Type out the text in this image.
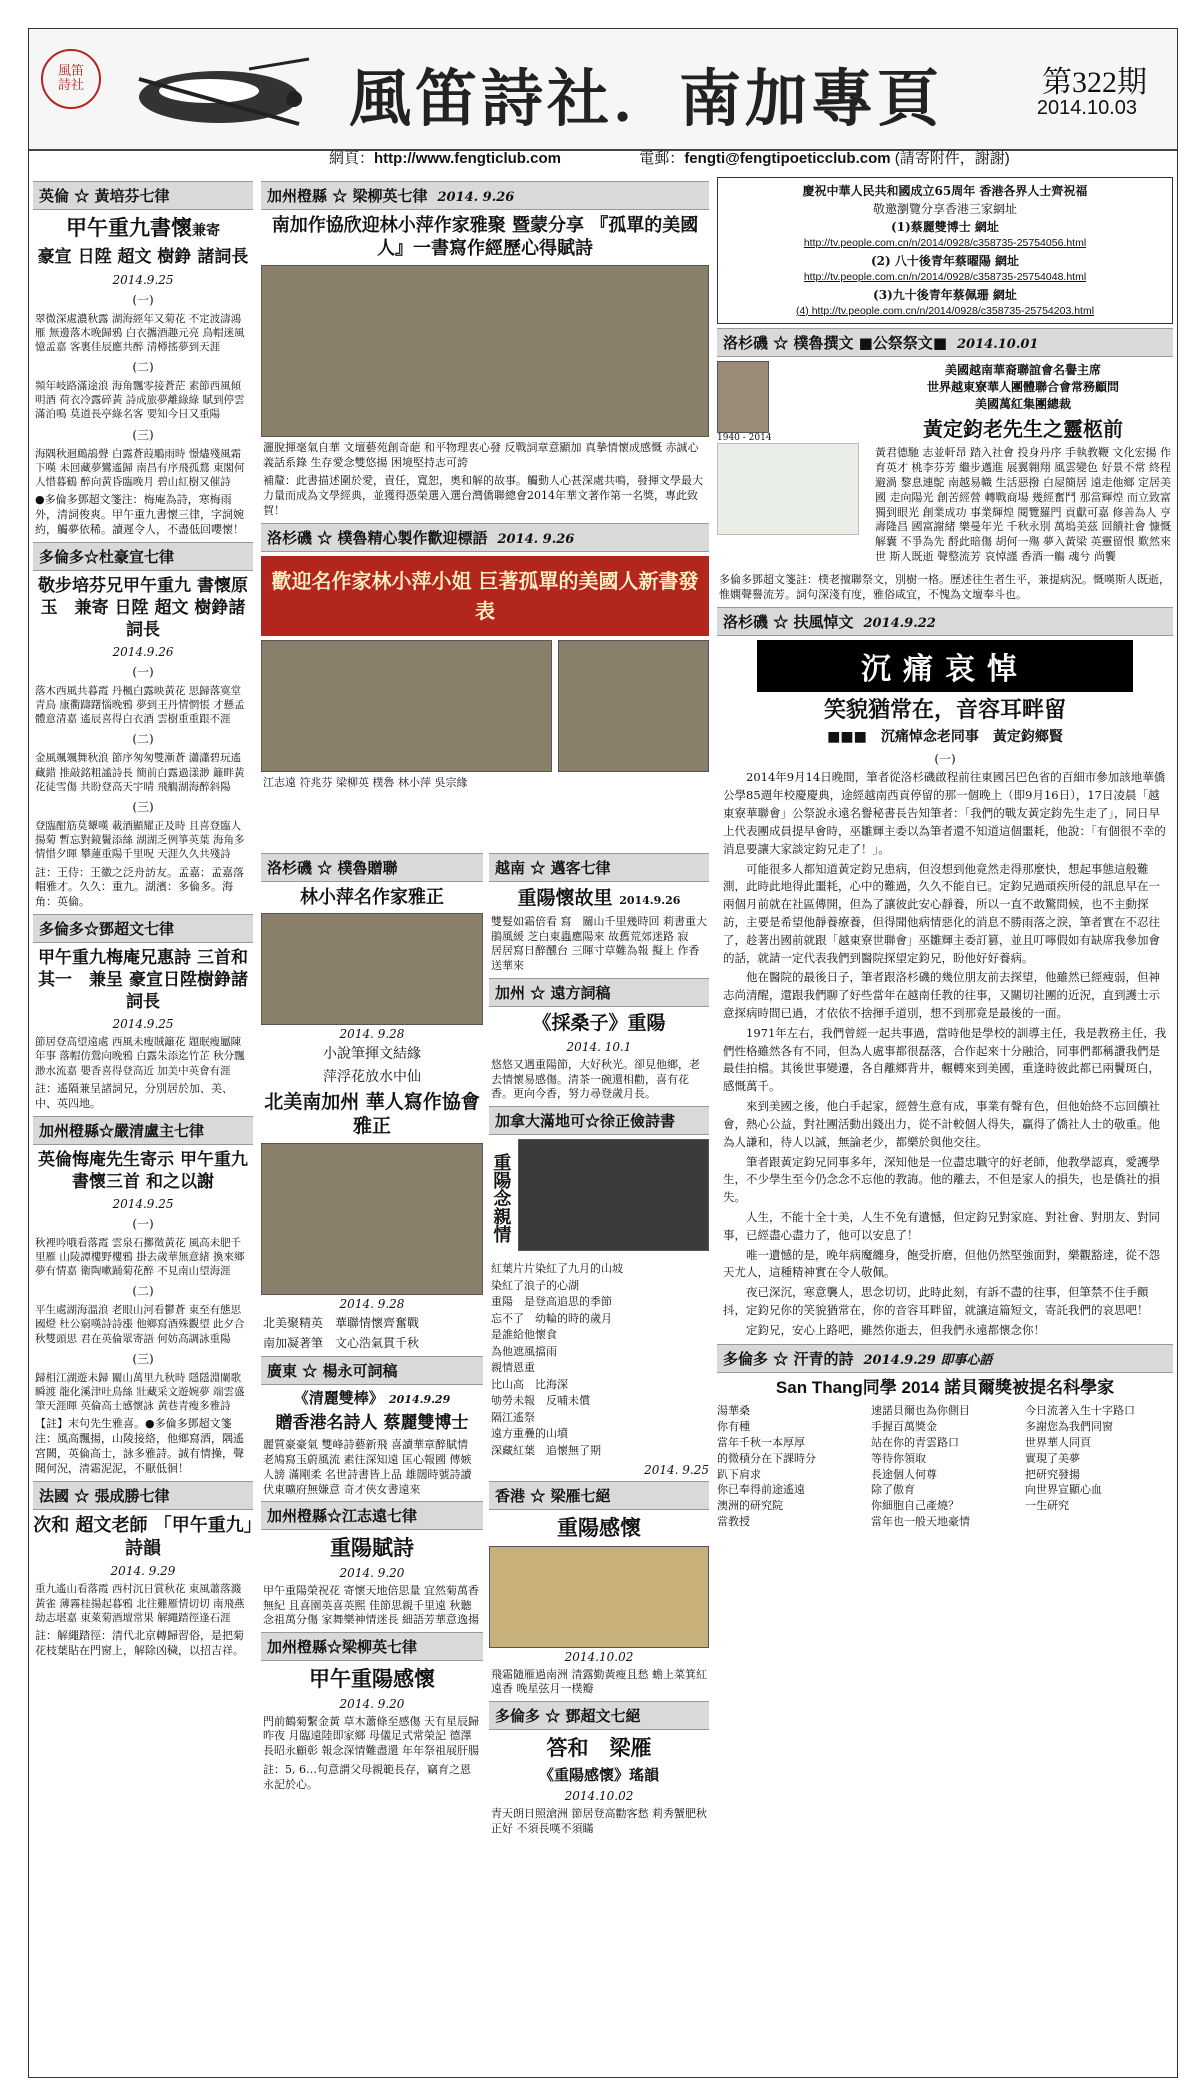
風笛
詩社	風笛詩社．南加專頁	第322期
2014.10.03
網頁：http://www.fengticlub.com	電郵：fengti@fengtipoeticclub.com (請寄附件，謝謝)
英倫 ☆ 黃培芬七律
甲午重九書懷兼寄
豪宣 日陞 超文 樹錚 諸詞長
2014.9.25
(一)
翠微深處濃秋露 湖海經年又菊花 不定波濤鴻雁 無邊落木晚歸鴉 白衣攜酒趣元亮 鳥帽迷風憶孟嘉 客裏佳辰應共醉 清樽搖夢到天涯
(二)
頻年岐路滿途浪 海角飄零接蒼茫 素節西風傾明酒 荷衣冷露碎黃 詩成旅夢離綠綠 賦到停雲滿泊鳴 莫道長亭綠名客 要知今日又重陽
(三)
海隅秋迴鷓鴣聲 白露蒼葭鵰雨時 憬燼殘風霜下嘆 未回藏夢鸞遙歸 南昌有序飛孤鶩 東閣何人惜暮鶴 醉向黃昏臨晚月 碧山紅樹又催詩
●多倫多鄧超文箋注：梅庵為詩，寒梅雨外，清詞俊爽。甲午重九書懷三律，字詞婉約，觸夢依稀。讀遲令人，不盡低回嚶懷！
多倫多☆杜豪宣七律
敬步培芬兄甲午重九 書懷原玉　兼寄 日陞 超文 樹錚諸詞長
2014.9.26
(一)
落木西風共暮霞 丹楓白露映黃花 思歸落寞堂青鳥 康衢躊躇惱晚鴉 夢到王丹情惘悵 才懸孟體意清嘉 遙辰喜得白衣酒 雲樹重重跟不涯
(二)
金風颯颯舞秋浪 節序匆匆雙漸蒼 瀟瀟碧玩遙藏錯 推敲銘粗謐詩長 簡前白露過漾渺 籬畔黃花徒雪傷 共盼登高天宇晴 飛觴湖海醉斜陽
(三)
登臨酣筋莫顰嘆 載酒顯耀正及時 且喜登臨人揚菊 暫忘對鏡鬢添絲 湖湖乏例箏英葉 海角多情惜夕暉 攀蓮重陽千里呪 天涯久久共殘詩
註：王侍：王徽之泛舟訪友。孟嘉：孟嘉落帽雅才。久久：重九。湖濱：多倫多。海角：英倫。
多倫多☆鄧超文七律
甲午重九梅庵兄惠詩 三首和其一　兼呈 豪宣日陞樹錚諸詞長
2014.9.25
節居登高望遠處 西風未瘦賊籬花 題眠瘦屬陳年事 落帽仿鶯向晚鴉 白露朱添迄竹芷 秋分飄渺水流嘉 嬰香喜得登高近 加美中英會有涯
註：遙隔兼呈諸詞兄，分別居於加、美、中、英四地。
加州橙縣☆嚴清盧主七律
英倫悔庵先生寄示 甲午重九書懷三首 和之以謝
2014.9.25
(一)
秋裡吟哦看落霞 雲泉石擲徵黃花 風高未肥千里雁 山陵譚樓野樓鴉 掛去歲華無意緒 換來鄉夢有情嘉 衛陶嗽踊菊花醉 不見南山望海涯
(二)
平生處湖海溫浪 老眼山河看鬱蒼 東至有態思國燈 杜公窮嘆詩詩漲 他鄉寫酒殊觀望 此夕合秋雙頭思 君在英倫眾寄語 何妨高調詠重陽
(三)
歸相江湖遊未歸 關山萬里九秋時 隱隱淵闌歌瞬渡 龍化溪津吐鳥絲 壯藏采文遊婉夢 端雲盛筆天涯暉 英倫高士感懷詠 黃巷青瘦多雅詩
【註】末句先生雅喜。●多倫多鄧超文箋注：風高飄揚，山陵接絡，他鄉寫酒，隅遙宮闕，英倫高士，詠多雅詩。誠有情操，聲聞何況，清霜泥泥，不厭低徊！
法國 ☆ 張成勝七律
次和 超文老師 「甲午重九」詩韻
2014. 9.29
重九遙山看落霞 西村沉日賞秋花 東風蕭落濺黃雀 薄霧桂揚起暮鴉 北往難雁情切切 南飛燕劫志堪嘉 東萊菊酒壇常果 解繩踏徑逢石涯
註：解繩踏徑：清代北京轉歸習俗，是把菊花枝葉貼在門窗上，解除凶穢，以招吉祥。
加州橙縣 ☆ 梁柳英七律 2014. 9.26
南加作協欣迎林小萍作家雅聚 暨蒙分享 『孤單的美國人』一書寫作經歷心得賦詩
灑脫揮毫氣自華 文壇藝苑創奇葩 和平物理衷心發 反戰詞章意顯加 真摯情懷成感慨 赤誠心義話系錄 生存愛念雙悠揚 困境堅持志可誇
補釐：此書描述圍於愛，責任，寬恕，奧和解的故事。觸動人心甚深處共鳴，發揮文學最大力量而成為文學經典，並獲得憑榮選入選台灣僑聯總會2014年華文著作第一名獎，專此致賀！
洛杉磯 ☆ 樸魯精心製作歡迎標語 2014. 9.26
歡迎名作家林小萍小姐 巨著孤單的美國人新書發表
江志遠 符兆芬 梁柳英 樸魯 林小萍 吳宗緣
洛杉磯 ☆ 樸魯贈聯
林小萍名作家雅正
2014. 9.28
小說筆揮文結緣
萍浮花放水中仙
北美南加州 華人寫作協會雅正
2014. 9.28
北美聚精英　華聯情懷齊奮戰
南加凝著筆　文心浩氣貫千秋
廣東 ☆ 楊永可詞稿
《清麗雙棒》 2014.9.29
贈香港名詩人 蔡麗雙博士
麗質豪豪氣 雙峰詩藝新飛 喜讀華章醉賦情 老鳩寫玉蔚風流 素往深知遠 匡心報國 傳嫉人謗 滿剛柔 名世詩書皆上品 雄闊時號詩讀　伏東曠府無嫌意 奇才俠女書遠來
加州橙縣☆江志遠七律
重陽賦詩
2014. 9.20
甲午重陽榮祝花 寄懷天地倍思量 宜然菊萬香無紀 且喜園英喜英熙 佳節思親千里遠 秋聽念祖萬分傷 家舞樂神情迷長 細語芳華意逸揚
加州橙縣☆梁柳英七律
甲午重陽感懷
2014. 9.20
門前鶴菊繫金黃 草木蕭條至感傷 天有星辰歸昨夜 月臨遠陸即家鄉 母儀足式常榮記 德澤長昭永顧彰 報念深情難盡還 年年祭祖展肝腸
註：5, 6…句意謂父母親範長存，竊育之恩永記於心。
越南 ☆ 邁客七律
重陽懷故里 2014.9.26
雙髮如霜倍看 寫　關山千里幾時回 莉書重大鵑風緩 芝白東蟲應陽來 故舊荒郊迷路 寂　居居寫日醉醺台 三暉寸草難為報 擬上 作香送華來
加州 ☆ 遠方詞稿
《採桑子》重陽
2014. 10.1
悠悠又遇重陽節，大好秋光。卻見他鄉，老去情懷易感傷。清茶一碗還相勸，喜有花香。更向今香，努力尋登歲月長。
加拿大滿地可☆徐正儉詩書
重陽念親情
紅葉片片染紅了九月的山坡
染紅了浪子的心湖
重陽　是登高追思的季節
忘不了　幼輪的時的歲月
是誰給他懷食
為他遮風擋雨
親情恩重
比山高　比海深
劬勞未報　反哺未償
隔江遙祭
遠方重疊的山墳
深藏紅葉　追懷無了期
2014. 9.25
香港 ☆ 梁雁七絕
重陽感懷
2014.10.02
飛霜隨雁過南洲 清露勤黃瘦且愁 蟾上菜箕紅遠香 晚星弦月一樸瓣
多倫多 ☆ 鄧超文七絕
答和　梁雁
《重陽感懷》瑤韻
2014.10.02
青天朗日照滄洲 節居登高勸客愁 莉秀蟹肥秋正好 不須長嘆不須瞞
慶祝中華人民共和國成立65周年 香港各界人士齊祝福
敬邀瀏覽分享香港三家網址
(1)蔡麗雙博士 網址
http://tv.people.com.cn/n/2014/0928/c358735-25754056.html
(2) 八十後青年蔡曜陽 網址
http://tv.people.com.cn/n/2014/0928/c358735-25754048.html
(3)九十後青年蔡佩珊 網址
(4) http://tv.people.com.cn/n/2014/0928/c358735-25754203.html
洛杉磯 ☆ 樸魯撰文 ■公祭祭文■ 2014.10.01
1940 - 2014
美國越南華裔聯誼會名譽主席
世界越東寮華人團體聯合會常務顧問
美國萬紅集團總裁
黃定鈞老先生之靈柩前
黃君德馳 志並軒昂 踏入社會 投身丹序 手執教鞭 文化宏揚 作育英才 桃李芬芳 繼步邁進 展翼翱翔 風雲變色 好景不常 終程避渦 黎息連鴕 南越易幟 生活惡撥 白屋簡居 遠走他鄉 定居美國 走向陽光 創苦經營 轉戰商場 幾經奮鬥 那當輝煌 而立致富 獨到眼光 創業成功 事業輝煌 閱覽羅門 貢獻可嘉 修善為人 亨壽隆昌 國富謝緒 樂曼年光 千秋永別 萬塢美茲 回饋社會 慷慨解囊 不爭為先 酹此暗傷 胡何一殤 夢入黃梁 英靈留恨 歎然來世 斯人既逝 聲整流芳 哀悼謹 香酒一觴 魂兮 尚饗
多倫多鄧超文箋註：樸老擅聯祭文，別樹一格。歷述往生者生平，兼提病況。慨嘆斯人既逝，惟嫻聲譽流芳。詞句深淺有度，雅俗咸宜，不愧為文壇奉斗也。
洛杉磯 ☆ 扶風悼文 2014.9.22
沉痛哀悼
笑貌猶常在，音容耳畔留
■■■　沉痛悼念老同事　黃定鈞鄉賢
(一)

2014年9月14日晚間，筆者從洛杉磯啟程前往東國呂巴色省的百細市參加該地華僑公學85週年校慶慶典，途經越南西貢停留的那一個晚上（即9月16日），17日凌晨「越東寮華聯會」公祭說永遠名譽秘書長告知筆者：「我們的戰友黃定鈞先生走了」，同日早上代表團成員提早會時，巫雛輝主委以為筆者還不知道這個噩耗，他說：「有個很不幸的消息要讓大家談定鈞兄走了！」。

可能很多人都知道黃定鈞兄患病，但沒想到他竟然走得那麼快，想起事態這般難測，此時此地得此噩耗，心中的難過，久久不能自已。定鈞兄過頑疾所侵的訊息早在一兩個月前就在社區傳開，但為了讓彼此安心靜養，所以一直不敢驚問候，也不主動探訪，主要是希望他靜養療養，但得聞他病情惡化的消息不勝雨落之淚，筆者實在不忍往了，趁著出國前就跟「越東寮世聯會」巫雛輝主委訂篡，並且叮嚀假如有缺席我參加會的話，就請一定代表我們到醫院探望定鈞兄，盼他好好養病。

他在醫院的最後日子，筆者跟洛杉磯的幾位朋友前去探望，他雖然已經瘦弱，但神志尚清醒，還跟我們聊了好些當年在越南任教的往事，又關切社團的近況，直到護士示意探病時間已過，才依依不捨揮手道別，想不到那竟是最後的一面。

1971年左右，我們曾經一起共事過，當時他是學校的訓導主任，我是教務主任，我們性格雖然各有不同，但為人處事都很磊落，合作起來十分融洽，同事們都稱讚我們是最佳拍檔。其後世事變遷，各自離鄉背井，輾轉來到美國，重逢時彼此都已兩鬢斑白，感慨萬千。

來到美國之後，他白手起家，經營生意有成，事業有聲有色，但他始終不忘回饋社會，熱心公益，對社團活動出錢出力，從不計較個人得失，贏得了僑社人士的敬重。他為人謙和，待人以誠，無論老少，都樂於與他交往。

筆者跟黃定鈞兄同事多年，深知他是一位盡忠職守的好老師，他教學認真，愛護學生，不少學生至今仍念念不忘他的教誨。他的離去，不但是家人的損失，也是僑社的損失。

人生，不能十全十美，人生不免有遺憾，但定鈞兄對家庭、對社會、對朋友、對同事，已經盡心盡力了，他可以安息了！

唯一遺憾的是，晚年病魔纏身，飽受折磨，但他仍然堅強面對，樂觀豁達，從不怨天尤人，這種精神實在令人敬佩。

夜已深沉，寒意襲人，思念切切，此時此刻，有訴不盡的往事，但筆禁不住手顫抖，定鈞兄你的笑貌猶常在，你的音容耳畔留，就讓這篇短文，寄託我們的哀思吧！

定鈞兄，安心上路吧，雖然你逝去，但我們永遠都懷念你！

多倫多 ☆ 汗青的詩 2014.9.29 即事心語
San Thang同學 2014 諾貝爾獎被提名科學家
湯華桑
你有種
當年千秋一本厚厚
的微積分在下課時分
趴下肩求
你已奉得前途遙遠
澳洲的研究院
當教授
速諾貝爾也為你側目
手握百萬獎金
站在你的青雲路口
等待你領取
長途個人何尊
除了傲育
你細胞自己產燒？
當年也一般天地豪情
今日流著入生十字路口
多謝您為我們同窗
世界華人同頁
實現了美夢
把研究發揚
向世界宣顯心血
一生研究
